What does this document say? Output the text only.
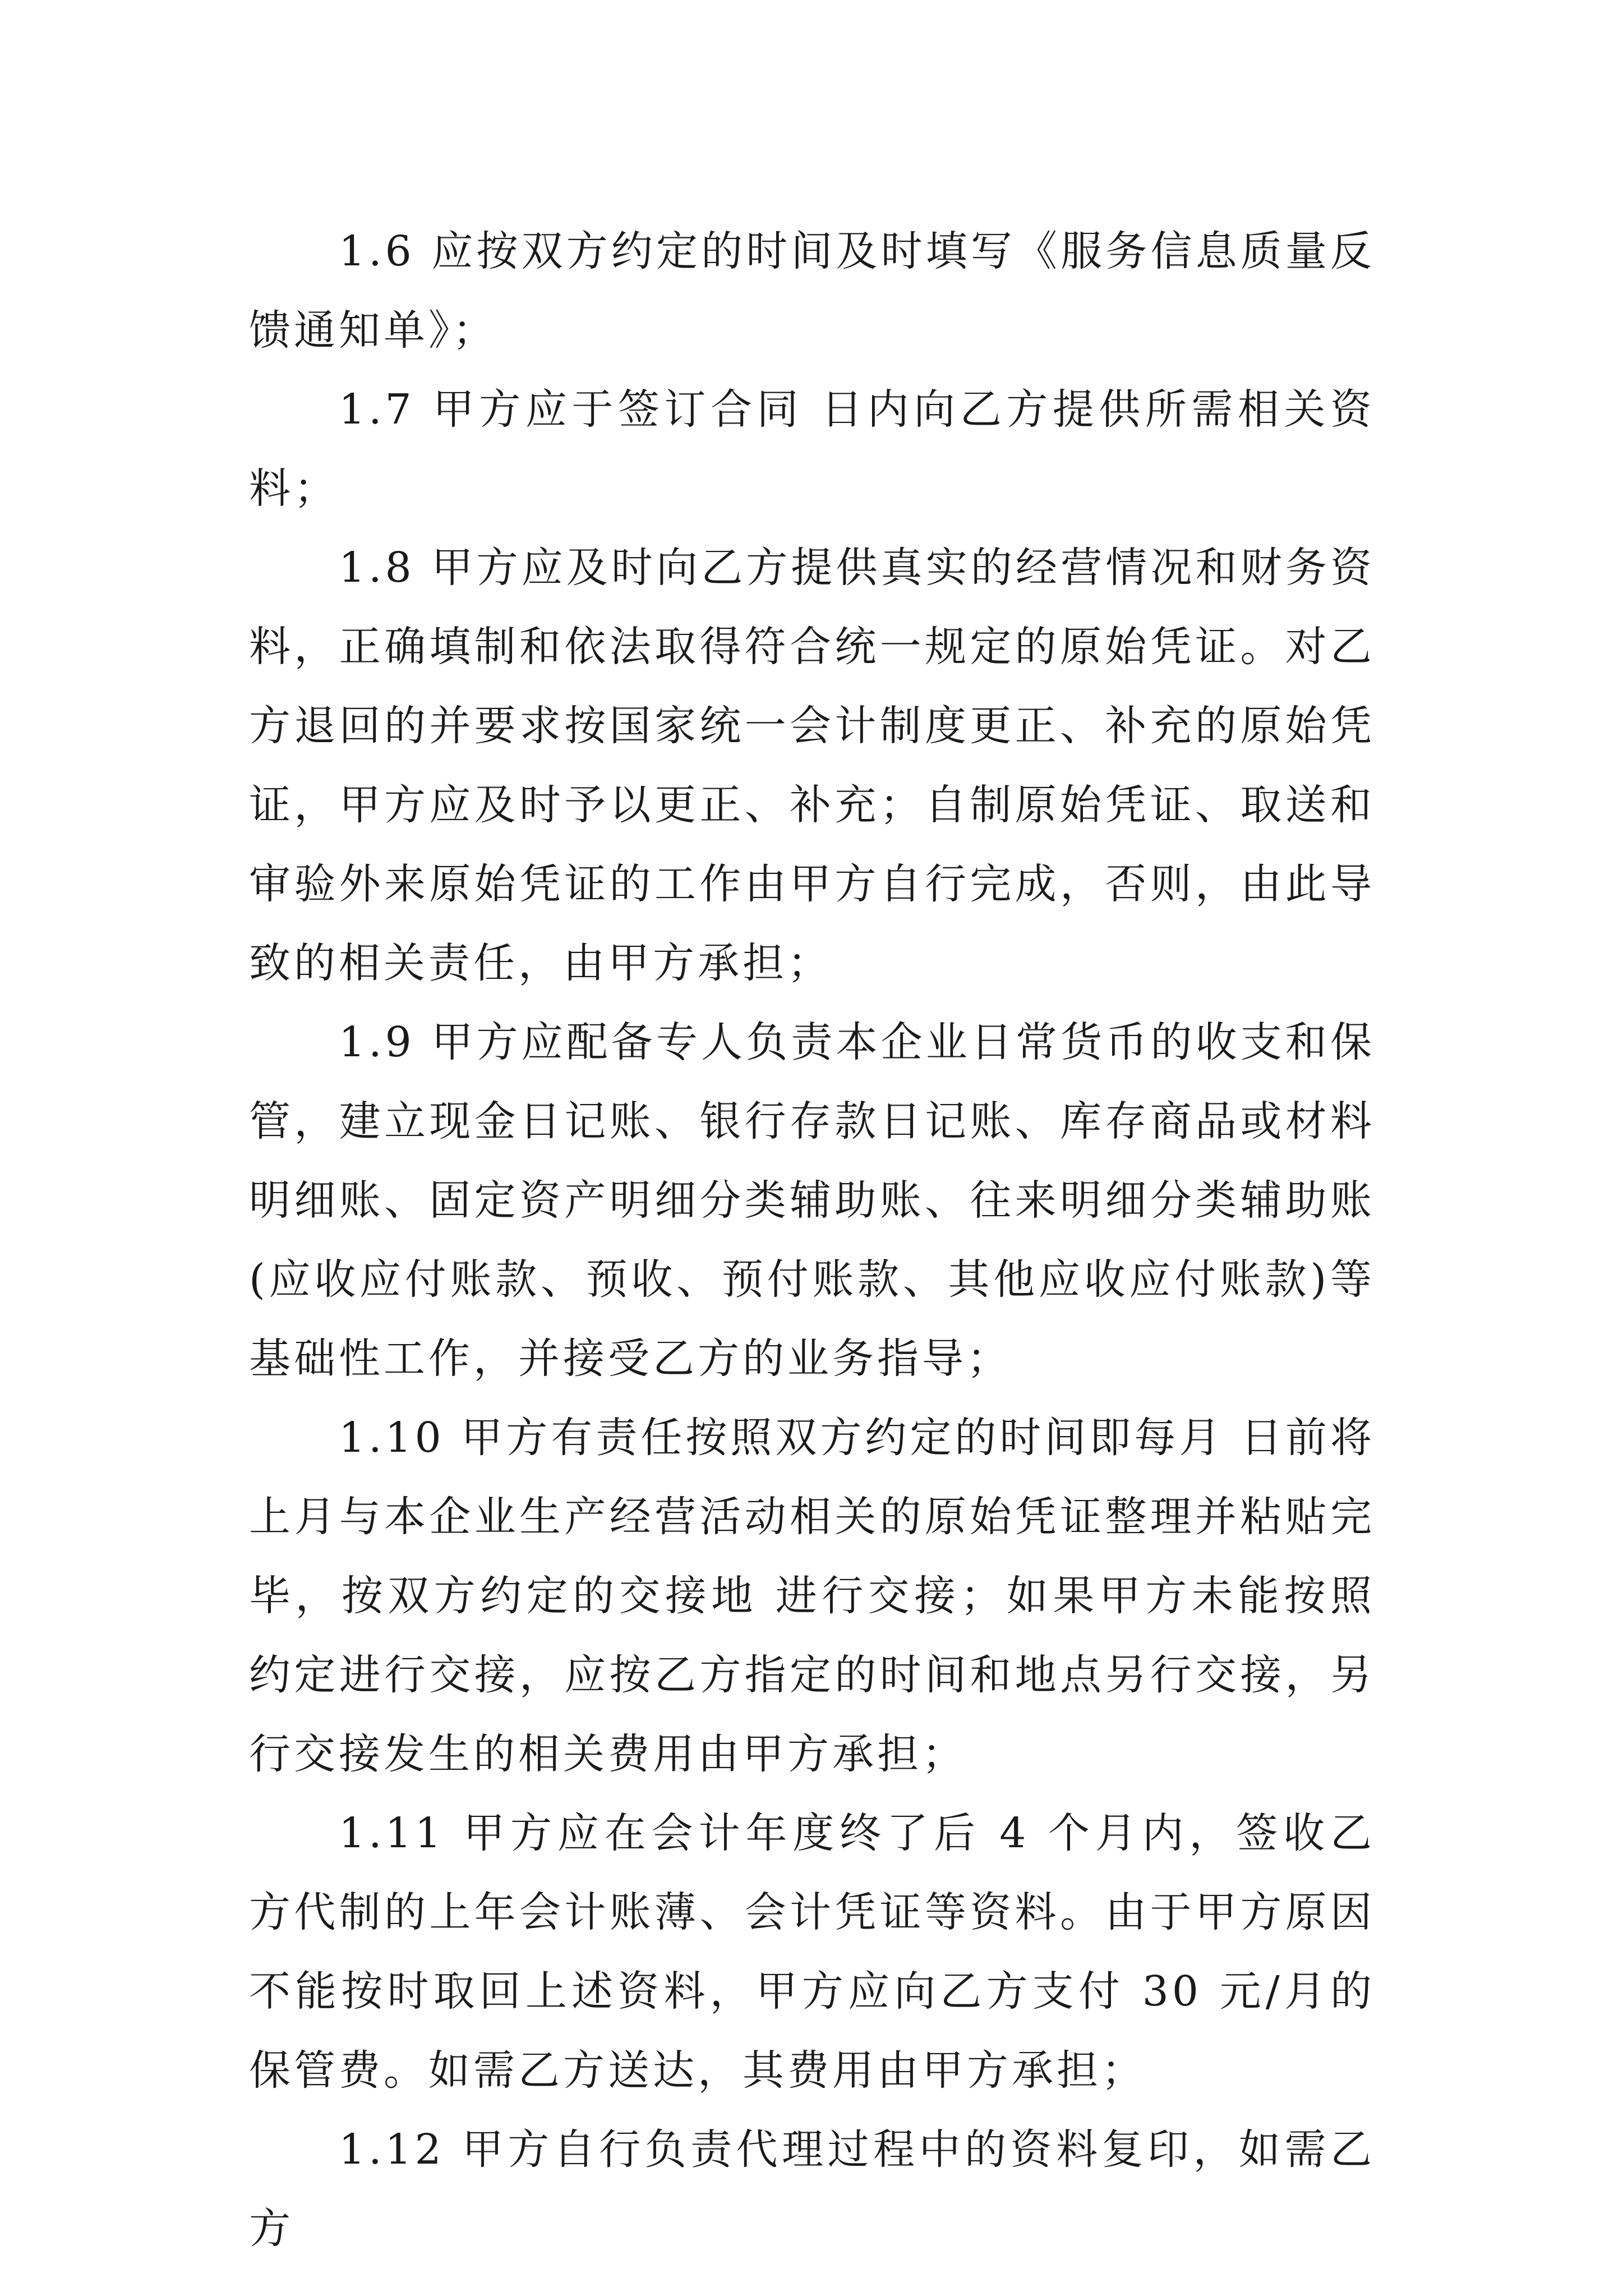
1.6 应按双方约定的时间及时填写《服务信息质量反馈通知单》；

1.7 甲方应于签订合同 日内向乙方提供所需相关资料；

1.8 甲方应及时向乙方提供真实的经营情况和财务资料，正确填制和依法取得符合统一规定的原始凭证。对乙方退回的并要求按国家统一会计制度更正、补充的原始凭证，甲方应及时予以更正、补充；自制原始凭证、取送和审验外来原始凭证的工作由甲方自行完成，否则，由此导致的相关责任，由甲方承担；

1.9 甲方应配备专人负责本企业日常货币的收支和保管，建立现金日记账、银行存款日记账、库存商品或材料明细账、固定资产明细分类辅助账、往来明细分类辅助账(应收应付账款、预收、预付账款、其他应收应付账款)等基础性工作，并接受乙方的业务指导；

1.10 甲方有责任按照双方约定的时间即每月 日前将上月与本企业生产经营活动相关的原始凭证整理并粘贴完毕，按双方约定的交接地 进行交接；如果甲方未能按照约定进行交接，应按乙方指定的时间和地点另行交接，另行交接发生的相关费用由甲方承担；

1.11 甲方应在会计年度终了后 4 个月内，签收乙方代制的上年会计账薄、会计凭证等资料。由于甲方原因不能按时取回上述资料，甲方应向乙方支付 30 元/月的保管费。如需乙方送达，其费用由甲方承担；

1.12 甲方自行负责代理过程中的资料复印，如需乙方
